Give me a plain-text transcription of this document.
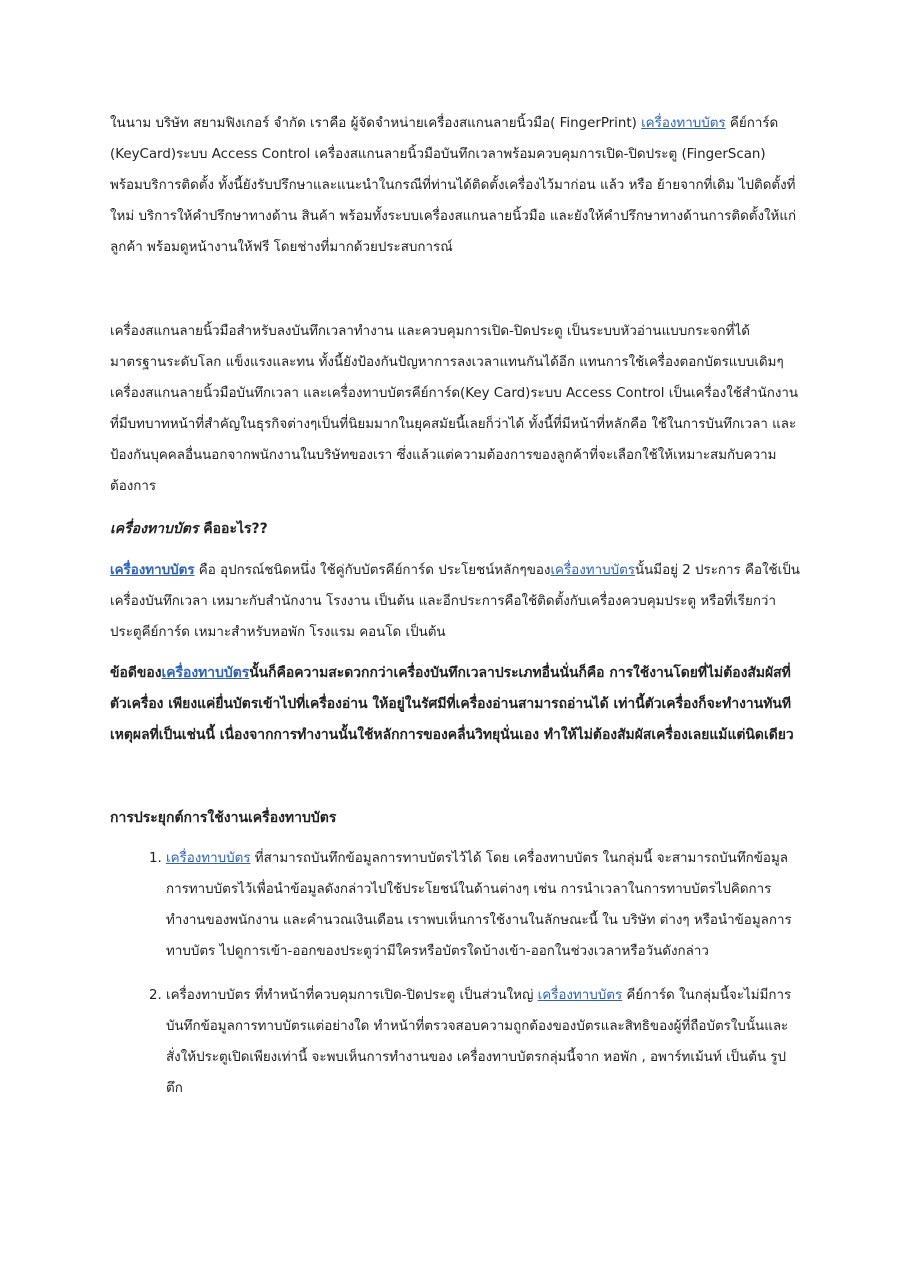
ในนาม บริษัท สยามฟิงเกอร์ จำกัด เราคือ ผู้จัดจำหน่ายเครื่องสแกนลายนิ้วมือ( FingerPrint) เครื่องทาบบัตร คีย์การ์ด (KeyCard)ระบบ Access Control เครื่องสแกนลายนิ้วมือบันทึกเวลาพร้อมควบคุมการเปิด-ปิดประตู (FingerScan) พร้อมบริการติดตั้ง ทั้งนี้ยังรับปรึกษาและแนะนำในกรณีที่ท่านได้ติดตั้งเครื่องไว้มาก่อน แล้ว หรือ ย้ายจากที่เดิม ไปติดตั้งที่ใหม่ บริการให้คำปรึกษาทางด้าน สินค้า พร้อมทั้งระบบเครื่องสแกนลายนิ้วมือ และยังให้คำปรึกษาทางด้านการติดตั้งให้แก่ลูกค้า พร้อมดูหน้างานให้ฟรี โดยช่างที่มากด้วยประสบการณ์

เครื่องสแกนลายนิ้วมือสำหรับลงบันทึกเวลาทำงาน และควบคุมการเปิด-ปิดประตู เป็นระบบหัวอ่านแบบกระจกที่ได้มาตรฐานระดับโลก แข็งแรงและทน ทั้งนี้ยังป้องกันปัญหาการลงเวลาแทนกันได้อีก แทนการใช้เครื่องตอกบัตรแบบเดิมๆ เครื่องสแกนลายนิ้วมือบันทึกเวลา และเครื่องทาบบัตรคีย์การ์ด(Key Card)ระบบ Access Control เป็นเครื่องใช้สำนักงานที่มีบทบาทหน้าที่สำคัญในธุรกิจต่างๆเป็นที่นิยมมากในยุคสมัยนี้เลยก็ว่าได้ ทั้งนี้ที่มีหน้าที่หลักคือ ใช้ในการบันทึกเวลา และป้องกันบุคคลอื่นนอกจากพนักงานในบริษัทของเรา ซึ่งแล้วแต่ความต้องการของลูกค้าที่จะเลือกใช้ให้เหมาะสมกับความต้องการ

เครื่องทาบบัตร คืออะไร??

เครื่องทาบบัตร คือ อุปกรณ์ชนิดหนึ่ง ใช้คู่กับบัตรคีย์การ์ด ประโยชน์หลักๆของเครื่องทาบบัตรนั้นมีอยู่ 2 ประการ คือใช้เป็นเครื่องบันทึกเวลา เหมาะกับสำนักงาน โรงงาน เป็นต้น และอีกประการคือใช้ติดตั้งกับเครื่องควบคุมประตู หรือที่เรียกว่าประตูคีย์การ์ด เหมาะสำหรับหอพัก โรงแรม คอนโด เป็นต้น

ข้อดีของเครื่องทาบบัตรนั้นก็คือความสะดวกกว่าเครื่องบันทึกเวลาประเภทอื่นนั่นก็คือ การใช้งานโดยที่ไม่ต้องสัมผัสที่ตัวเครื่อง เพียงแค่ยื่นบัตรเข้าไปที่เครื่องอ่าน ให้อยู่ในรัศมีที่เครื่องอ่านสามารถอ่านได้ เท่านี้ตัวเครื่องก็จะทำงานทันที เหตุผลที่เป็นเช่นนี้ เนื่องจากการทำงานนั้นใช้หลักการของคลื่นวิทยุนั่นเอง ทำให้ไม่ต้องสัมผัสเครื่องเลยแม้แต่นิดเดียว

การประยุกต์การใช้งานเครื่องทาบบัตร

1. เครื่องทาบบัตร ที่สามารถบันทึกข้อมูลการทาบบัตรไว้ได้ โดย เครื่องทาบบัตร ในกลุ่มนี้ จะสามารถบันทึกข้อมูลการทาบบัตรไว้เพื่อนำข้อมูลดังกล่าวไปใช้ประโยชน์ในด้านต่างๆ เช่น การนำเวลาในการทาบบัตรไปคิดการทำงานของพนักงาน และคำนวณเงินเดือน เราพบเห็นการใช้งานในลักษณะนี้ ใน บริษัท ต่างๆ หรือนำข้อมูลการทาบบัตร ไปดูการเข้า-ออกของประตูว่ามีใครหรือบัตรใดบ้างเข้า-ออกในช่วงเวลาหรือวันดังกล่าว
2. เครื่องทาบบัตร ที่ทำหน้าที่ควบคุมการเปิด-ปิดประตู เป็นส่วนใหญ่ เครื่องทาบบัตร คีย์การ์ด ในกลุ่มนี้จะไม่มีการบันทึกข้อมูลการทาบบัตรแต่อย่างใด ทำหน้าที่ตรวจสอบความถูกต้องของบัตรและสิทธิของผู้ที่ถือบัตรใบนั้นและสั่งให้ประตูเปิดเพียงเท่านี้ จะพบเห็นการทำงานของ เครื่องทาบบัตรกลุ่มนี้จาก หอพัก , อพาร์ทเม้นท์ เป็นต้น รูปตึก
